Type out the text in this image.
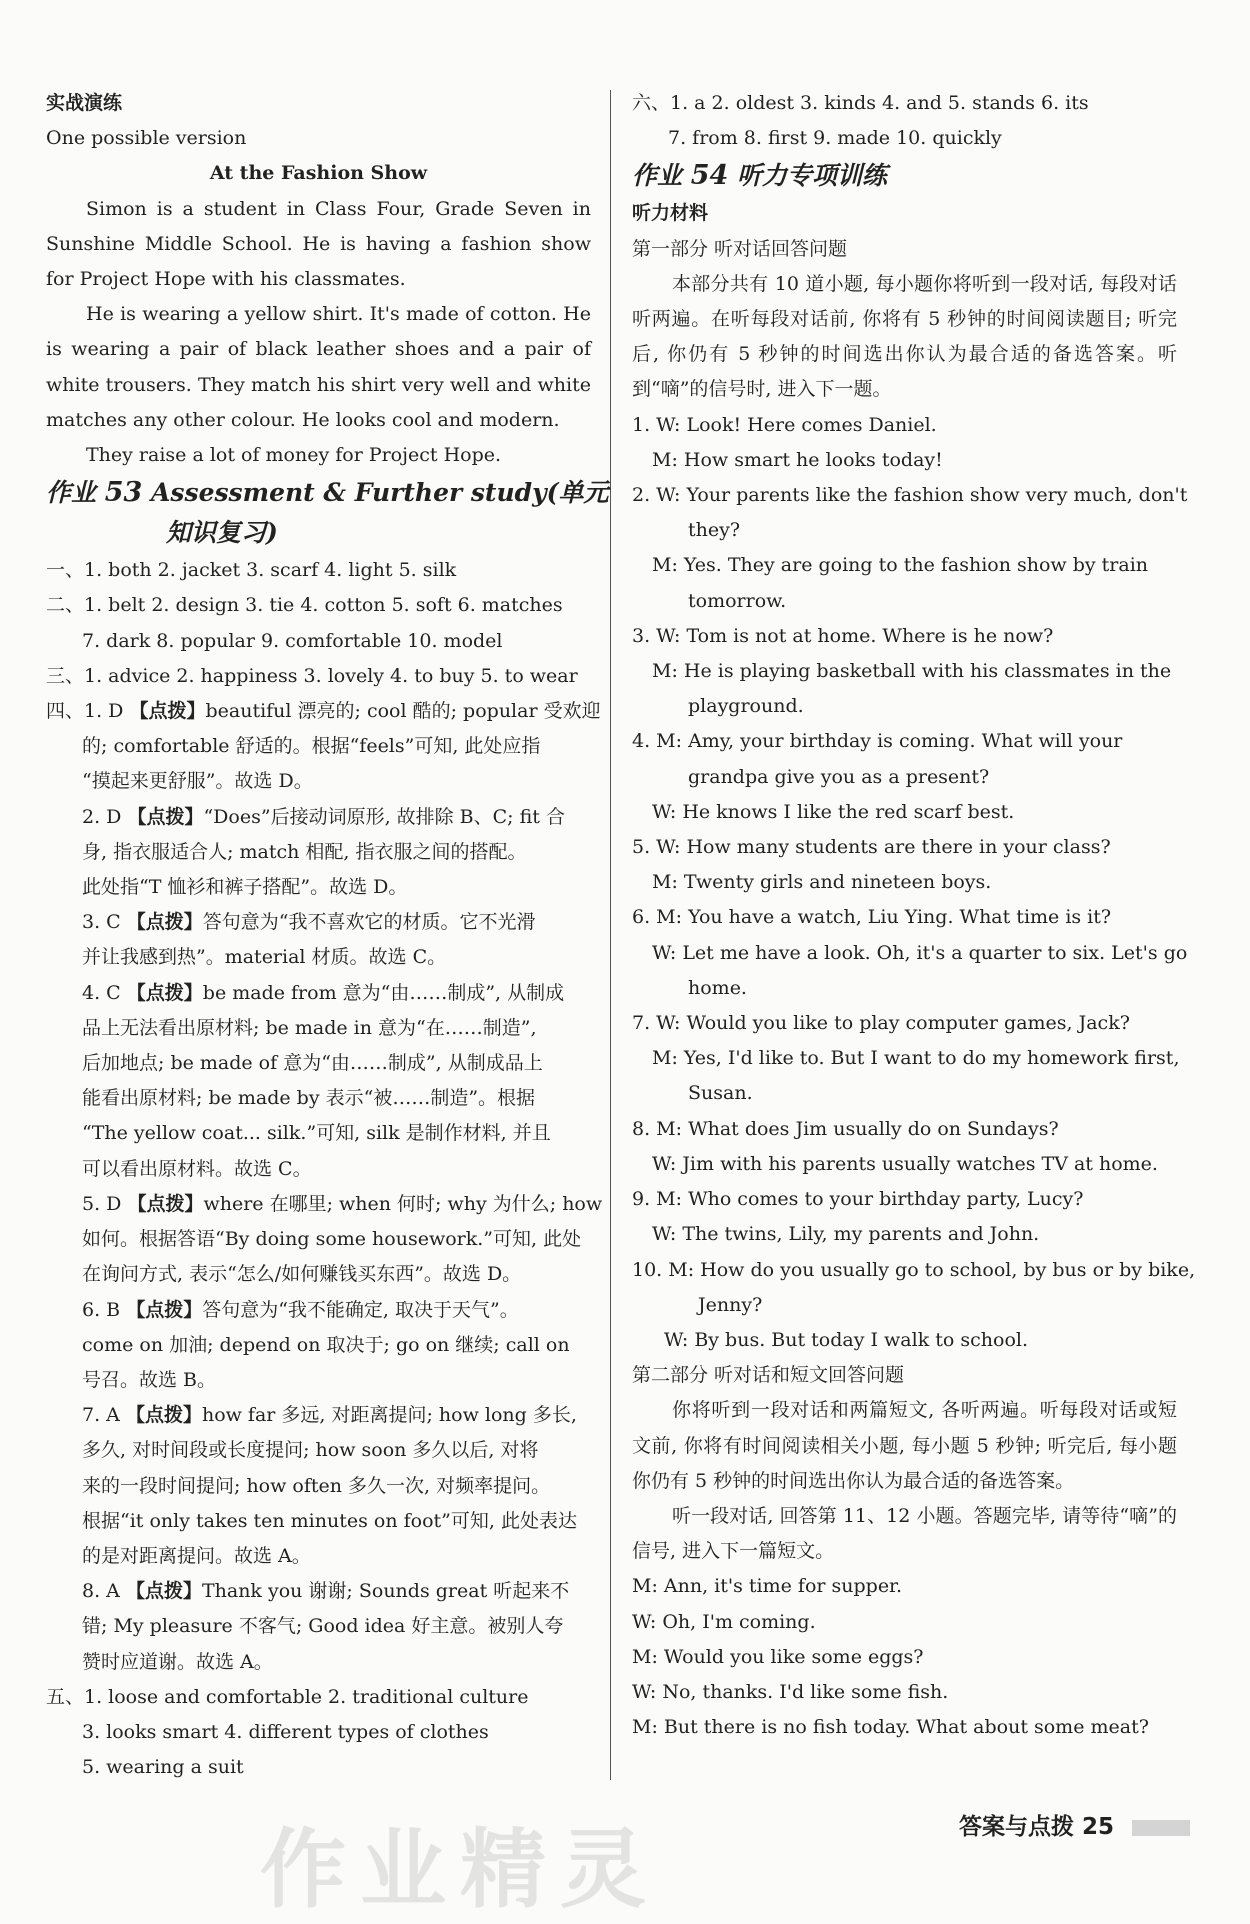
实战演练
One possible version
At the Fashion Show
Simon is a student in Class Four, Grade Seven in Sunshine Middle School. He is having a fashion show for Project Hope with his classmates.
He is wearing a yellow shirt. It's made of cotton. He is wearing a pair of black leather shoes and a pair of white trousers. They match his shirt very well and white matches any other colour. He looks cool and modern.
They raise a lot of money for Project Hope.
作业 53 Assessment & Further study(单元
知识复习)
一、1. both 2. jacket 3. scarf 4. light 5. silk
二、1. belt 2. design 3. tie 4. cotton 5. soft 6. matches
7. dark 8. popular 9. comfortable 10. model
三、1. advice 2. happiness 3. lovely 4. to buy 5. to wear
四、1. D 【点拨】beautiful 漂亮的; cool 酷的; popular 受欢迎
的; comfortable 舒适的。根据“feels”可知, 此处应指
“摸起来更舒服”。故选 D。
2. D 【点拨】“Does”后接动词原形, 故排除 B、C; fit 合
身, 指衣服适合人; match 相配, 指衣服之间的搭配。
此处指“T 恤衫和裤子搭配”。故选 D。
3. C 【点拨】答句意为“我不喜欢它的材质。它不光滑
并让我感到热”。material 材质。故选 C。
4. C 【点拨】be made from 意为“由……制成”, 从制成
品上无法看出原材料; be made in 意为“在……制造”,
后加地点; be made of 意为“由……制成”, 从制成品上
能看出原材料; be made by 表示“被……制造”。根据
“The yellow coat... silk.”可知, silk 是制作材料, 并且
可以看出原材料。故选 C。
5. D 【点拨】where 在哪里; when 何时; why 为什么; how
如何。根据答语“By doing some housework.”可知, 此处
在询问方式, 表示“怎么/如何赚钱买东西”。故选 D。
6. B 【点拨】答句意为“我不能确定, 取决于天气”。
come on 加油; depend on 取决于; go on 继续; call on
号召。故选 B。
7. A 【点拨】how far 多远, 对距离提问; how long 多长,
多久, 对时间段或长度提问; how soon 多久以后, 对将
来的一段时间提问; how often 多久一次, 对频率提问。
根据“it only takes ten minutes on foot”可知, 此处表达
的是对距离提问。故选 A。
8. A 【点拨】Thank you 谢谢; Sounds great 听起来不
错; My pleasure 不客气; Good idea 好主意。被别人夸
赞时应道谢。故选 A。
五、1. loose and comfortable 2. traditional culture
3. looks smart 4. different types of clothes
5. wearing a suit
六、1. a 2. oldest 3. kinds 4. and 5. stands 6. its
7. from 8. first 9. made 10. quickly
作业 54 听力专项训练
听力材料
第一部分 听对话回答问题
本部分共有 10 道小题, 每小题你将听到一段对话, 每段对话听两遍。在听每段对话前, 你将有 5 秒钟的时间阅读题目; 听完后, 你仍有 5 秒钟的时间选出你认为最合适的备选答案。听到“嘀”的信号时, 进入下一题。
1. W: Look! Here comes Daniel.
M: How smart he looks today!
2. W: Your parents like the fashion show very much, don't
they?
M: Yes. They are going to the fashion show by train
tomorrow.
3. W: Tom is not at home. Where is he now?
M: He is playing basketball with his classmates in the
playground.
4. M: Amy, your birthday is coming. What will your
grandpa give you as a present?
W: He knows I like the red scarf best.
5. W: How many students are there in your class?
M: Twenty girls and nineteen boys.
6. M: You have a watch, Liu Ying. What time is it?
W: Let me have a look. Oh, it's a quarter to six. Let's go
home.
7. W: Would you like to play computer games, Jack?
M: Yes, I'd like to. But I want to do my homework first,
Susan.
8. M: What does Jim usually do on Sundays?
W: Jim with his parents usually watches TV at home.
9. M: Who comes to your birthday party, Lucy?
W: The twins, Lily, my parents and John.
10. M: How do you usually go to school, by bus or by bike,
Jenny?
W: By bus. But today I walk to school.
第二部分 听对话和短文回答问题
你将听到一段对话和两篇短文, 各听两遍。听每段对话或短文前, 你将有时间阅读相关小题, 每小题 5 秒钟; 听完后, 每小题你仍有 5 秒钟的时间选出你认为最合适的备选答案。
听一段对话, 回答第 11、12 小题。答题完毕, 请等待“嘀”的信号, 进入下一篇短文。
M: Ann, it's time for supper.
W: Oh, I'm coming.
M: Would you like some eggs?
W: No, thanks. I'd like some fish.
M: But there is no fish today. What about some meat?
作业精灵	答案与点拨 25
